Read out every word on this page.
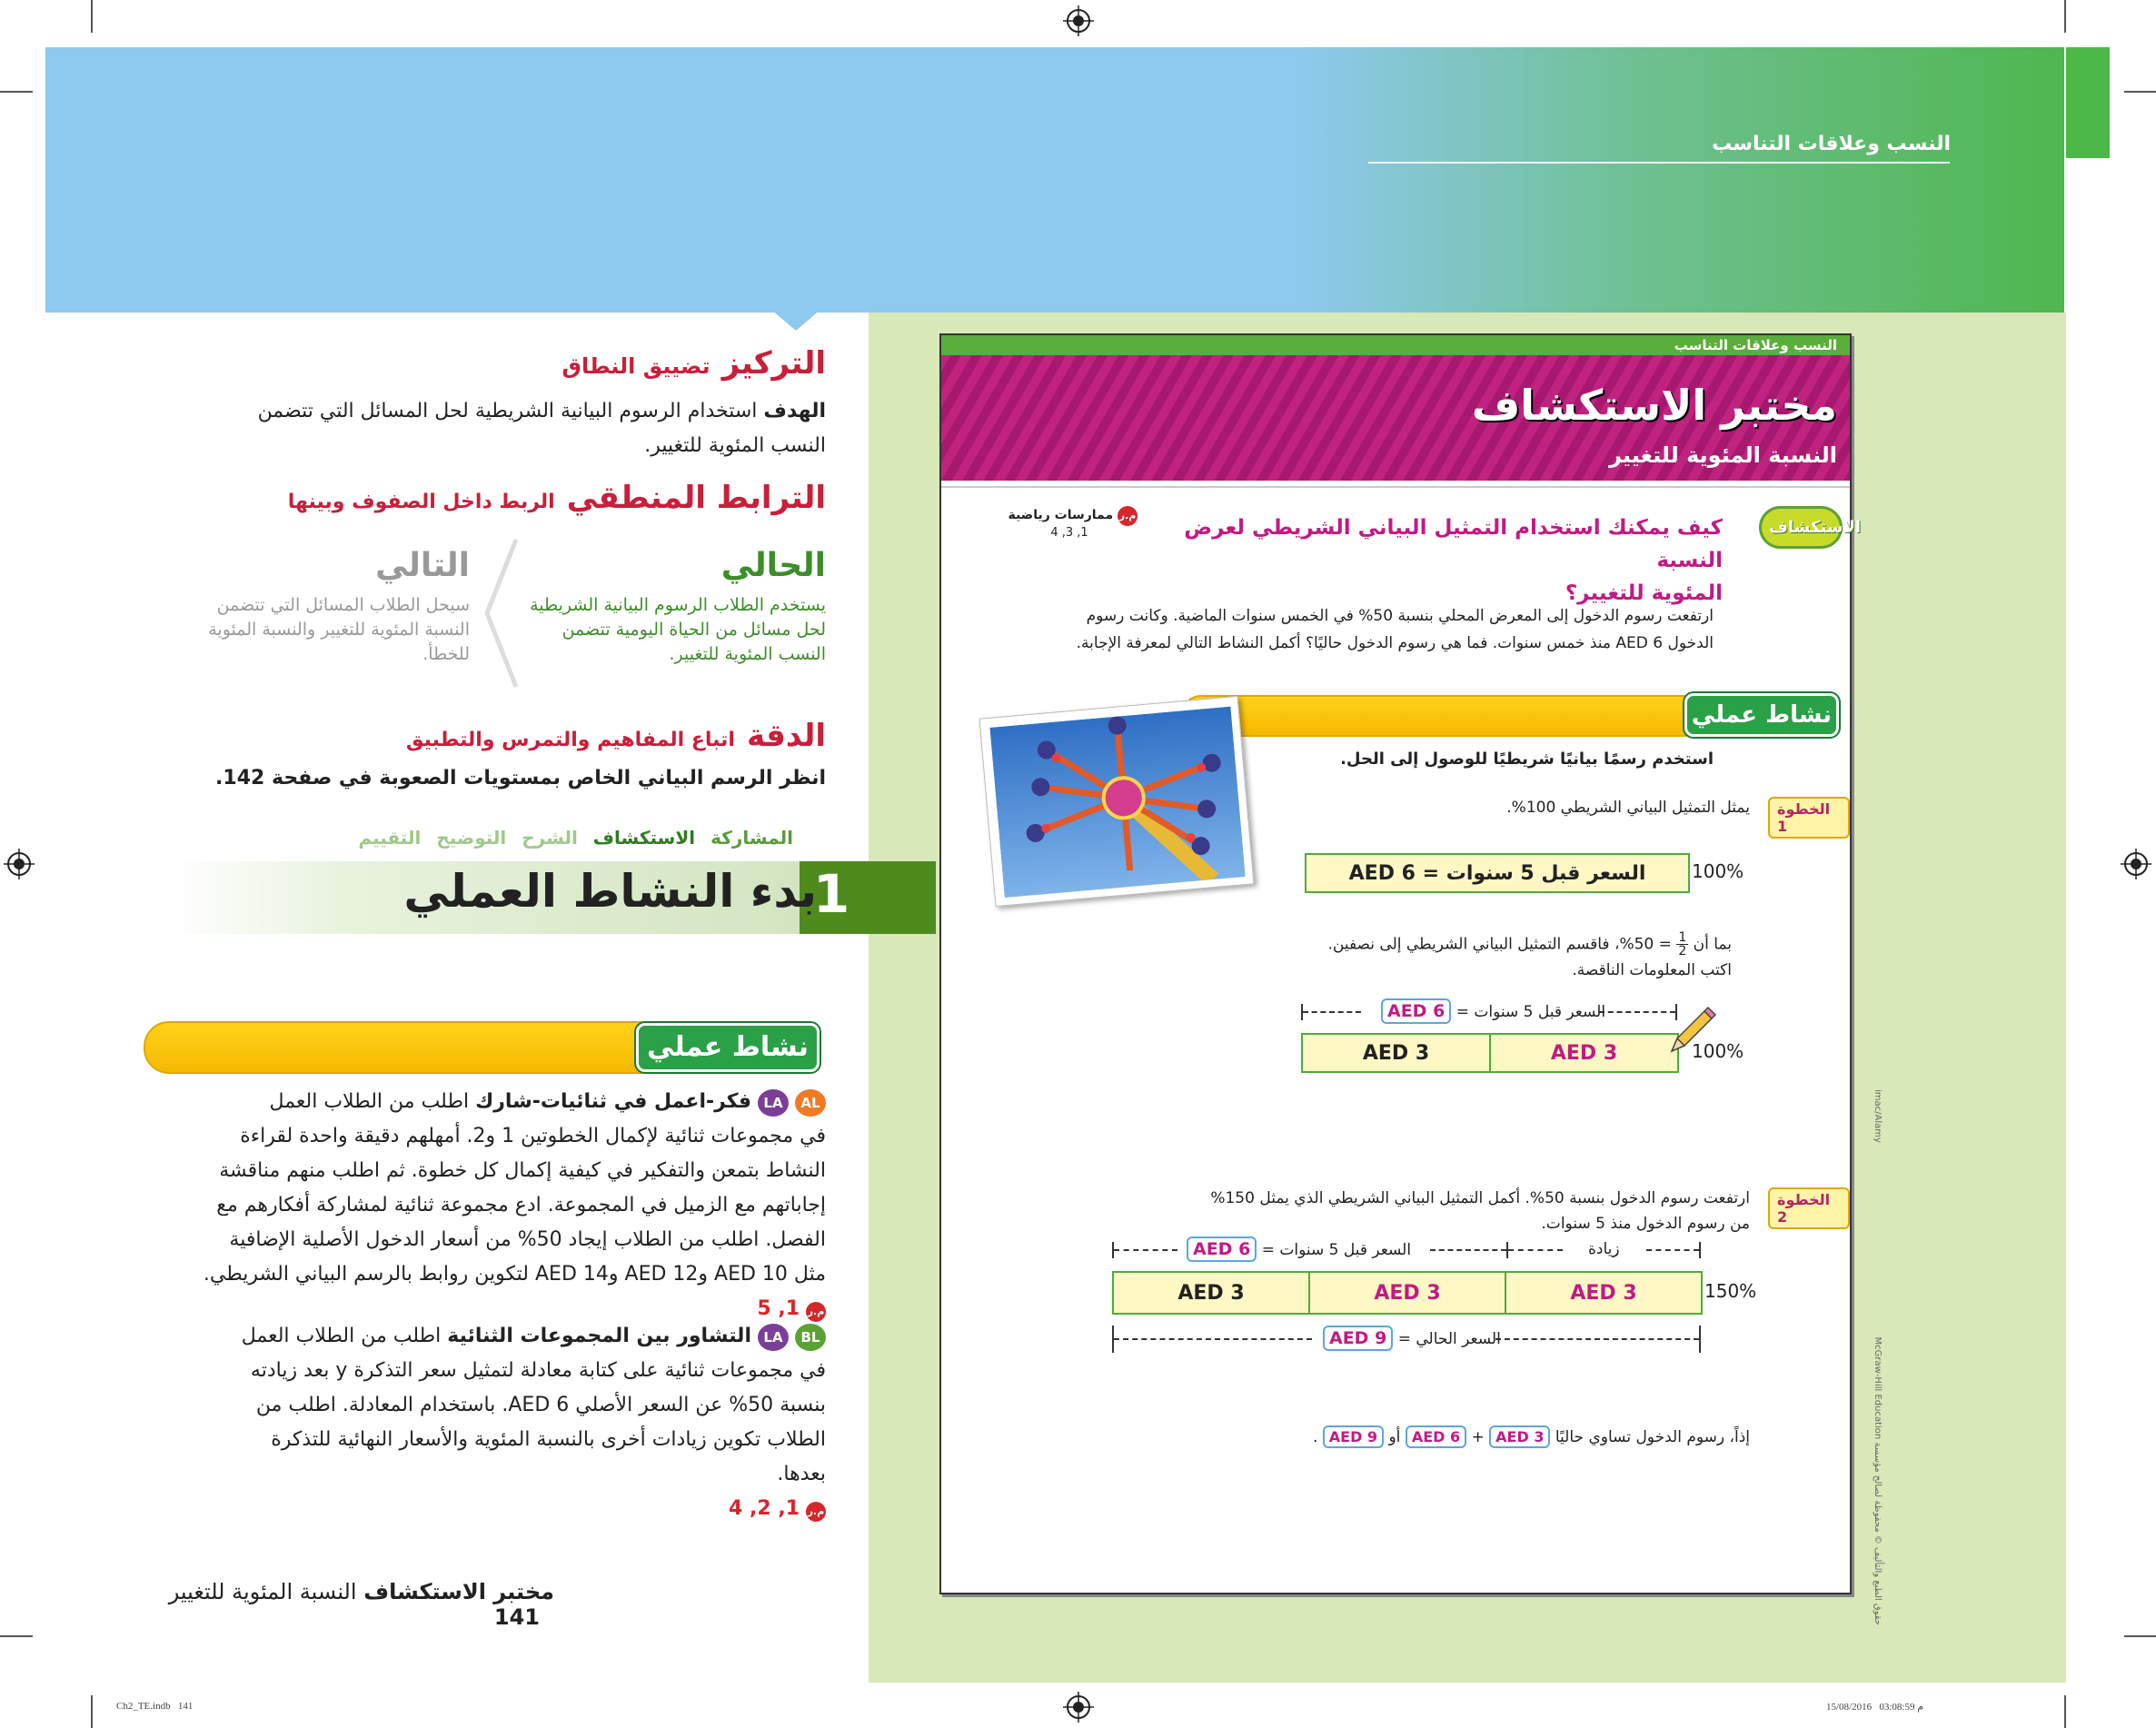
النسب وعلاقات التناسب
التركيز تضييق النطاق
الهدف استخدام الرسوم البيانية الشريطية لحل المسائل التي تتضمن النسب المئوية للتغيير.
الترابط المنطقي الربط داخل الصفوف وبينها
الحالي
يستخدم الطلاب الرسوم البيانية الشريطية لحل مسائل من الحياة اليومية تتضمن النسب المئوية للتغيير.
التالي
سيحل الطلاب المسائل التي تتضمن النسبة المئوية للتغيير والنسبة المئوية للخطأ.
الدقة اتباع المفاهيم والتمرس والتطبيق
انظر الرسم البياني الخاص بمستويات الصعوبة في صفحة 142.
المشاركة الاستكشاف الشرح التوضيح التقييم
1
بدء النشاط العملي
نشاط عملي
AL LA فكر-اعمل في ثنائيات-شارك اطلب من الطلاب العمل
في مجموعات ثنائية لإكمال الخطوتين 1 و2. أمهلهم دقيقة واحدة لقراءة
النشاط بتمعن والتفكير في كيفية إكمال كل خطوة. ثم اطلب منهم مناقشة
إجاباتهم مع الزميل في المجموعة. ادع مجموعة ثنائية لمشاركة أفكارهم مع
الفصل. اطلب من الطلاب إيجاد 50% من أسعار الدخول الأصلية الإضافية
مثل 10 AED و12 AED و14 AED لتكوين روابط بالرسم البياني الشريطي.
م.ر 1, 5
BL LA التشاور بين المجموعات الثنائية اطلب من الطلاب العمل
في مجموعات ثنائية على كتابة معادلة لتمثيل سعر التذكرة y بعد زيادته
بنسبة 50% عن السعر الأصلي 6 AED. باستخدام المعادلة. اطلب من
الطلاب تكوين زيادات أخرى بالنسبة المئوية والأسعار النهائية للتذكرة
بعدها.
م.ر 1, 2, 4
مختبر الاستكشاف النسبة المئوية للتغيير 141
النسب وعلاقات التناسب
مختبر الاستكشاف
النسبة المئوية للتغيير
الاستكشاف
كيف يمكنك استخدام التمثيل البياني الشريطي لعرض النسبة
المئوية للتغيير؟
م.ر ممارسات رياضية
1, 3, 4
ارتفعت رسوم الدخول إلى المعرض المحلي بنسبة 50% في الخمس سنوات الماضية. وكانت رسوم
الدخول 6 AED منذ خمس سنوات. فما هي رسوم الدخول حاليًا؟ أكمل النشاط التالي لمعرفة الإجابة.
نشاط عملي
استخدم رسمًا بيانيًا شريطيًا للوصول إلى الحل.
الخطوة 1
يمثل التمثيل البياني الشريطي 100%.
السعر قبل 5 سنوات = 6 AED	100%
بما أن
$\frac{1}{2}$
= 50%، فاقسم التمثيل البياني الشريطي إلى نصفين.
اكتب المعلومات الناقصة.
السعر قبل 5 سنوات = AED 6
AED 3	AED 3	100%
الخطوة 2
ارتفعت رسوم الدخول بنسبة 50%. أكمل التمثيل البياني الشريطي الذي يمثل 150%
من رسوم الدخول منذ 5 سنوات.
السعر قبل 5 سنوات = AED 6	زيادة
AED 3	AED 3	AED 3	150%
السعر الحالي = AED 9
إذاً، رسوم الدخول تساوي حاليًا AED 3 + AED 6 أو AED 9 .	حقوق الطبع والتأليف © محفوظة لصالح مؤسسة McGraw-Hill Education
imac/Alamy
Ch2_TE.indb   141	15/08/2016   03:08:59 م
